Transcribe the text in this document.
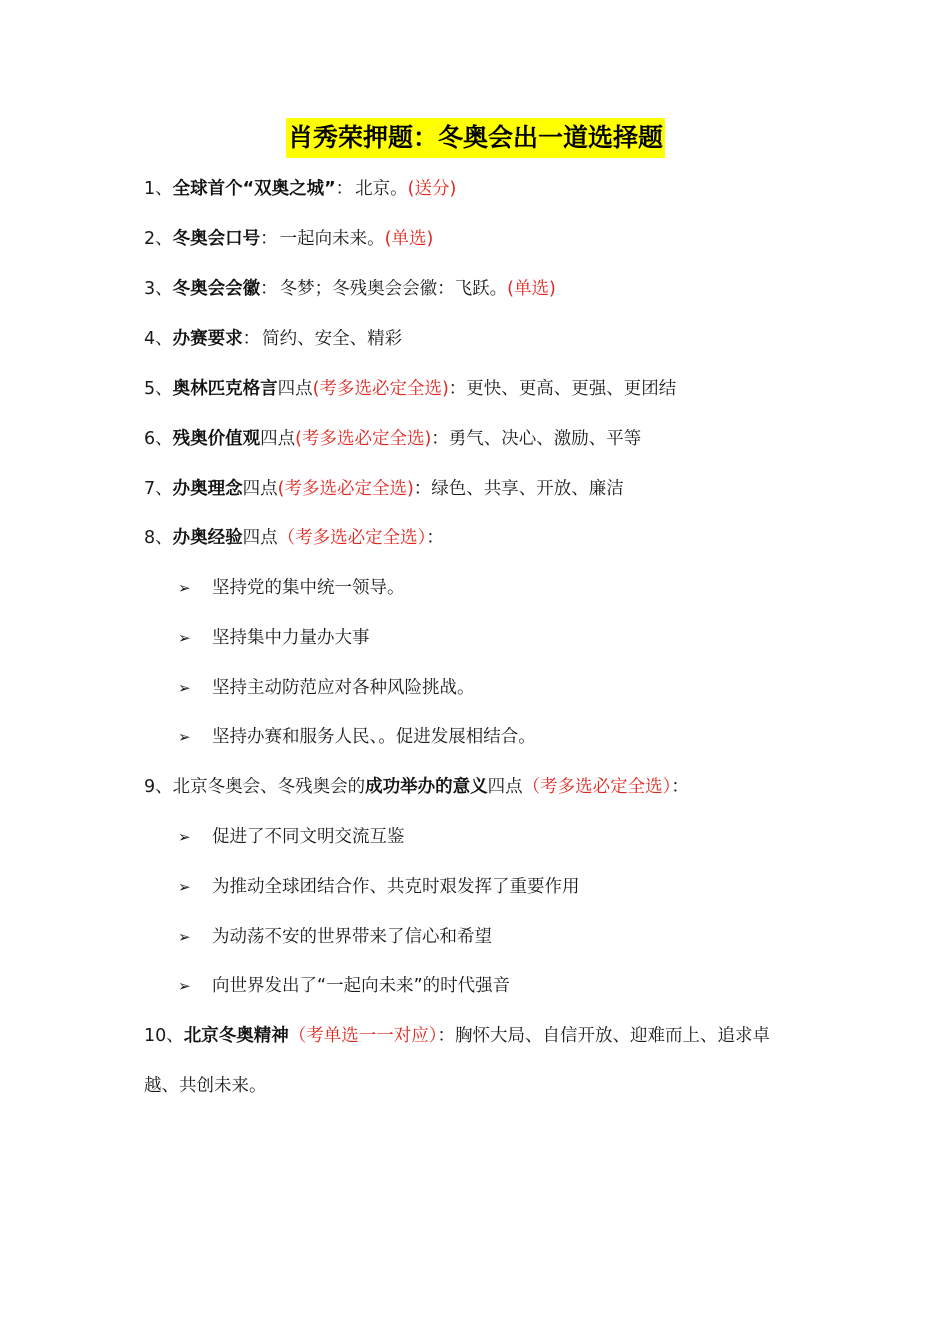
肖秀荣押题：冬奥会出一道选择题
1、全球首个“双奥之城”： 北京。(送分)
2、冬奥会口号： 一起向未来。(单选)
3、冬奥会会徽： 冬梦；冬残奥会会徽：飞跃。(单选)
4、办赛要求： 简约、安全、精彩
5、奥林匹克格言四点(考多选必定全选)：更快、更高、更强、更团结
6、残奥价值观四点(考多选必定全选)：勇气、决心、激励、平等
7、办奥理念四点(考多选必定全选)：绿色、共享、开放、廉洁
8、办奥经验四点（考多选必定全选）：
➢ 坚持党的集中统一领导。
➢ 坚持集中力量办大事
➢ 坚持主动防范应对各种风险挑战。
➢ 坚持办赛和服务人民、。促进发展相结合。
9、北京冬奥会、冬残奥会的成功举办的意义四点（考多选必定全选）：
➢ 促进了不同文明交流互鉴
➢ 为推动全球团结合作、共克时艰发挥了重要作用
➢ 为动荡不安的世界带来了信心和希望
➢ 向世界发出了“一起向未来”的时代强音
10、北京冬奥精神（考单选一一对应）：胸怀大局、自信开放、迎难而上、追求卓
越、共创未来。
